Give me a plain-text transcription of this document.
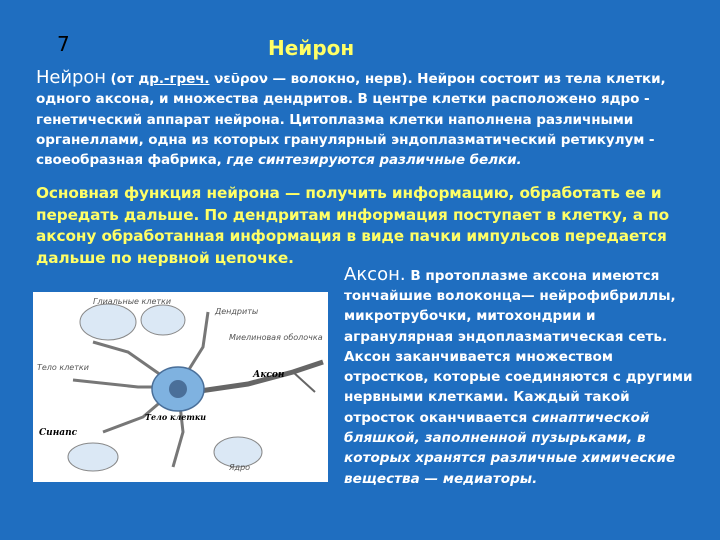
7	Нейрон
Нейрон (от др.-греч. νεῦρον — волокно, нерв). Нейрон состоит из тела клетки, одного аксона, и множества дендритов. В центре клетки расположено ядро - генетический аппарат нейрона. Цитоплазма клетки наполнена различными органеллами, одна из которых гранулярный эндоплазматический ретикулум - своеобразная фабрика, где синтезируются различные белки.
Основная функция нейрона — получить информацию, обработать ее и передать дальше. По дендритам информация поступает в клетку, а по аксону обработанная информация в виде пачки импульсов передается дальше по нервной цепочке.
Аксон. В протоплазме аксона имеются
тончайшие волоконца— нейрофибриллы, микротрубочки, митохондрии и агранулярная эндоплазматическая сеть. Аксон заканчивается множеством отростков, которые соединяются с другими нервными клетками. Каждый такой отросток оканчивается синаптической бляшкой, заполненной пузырьками, в которых хранятся различные химические вещества — медиаторы.
Глиальные клетки
Дендриты
Миелиновая оболочка
Тело клетки
Аксон
Тело клетки
Синапс
Ядро
